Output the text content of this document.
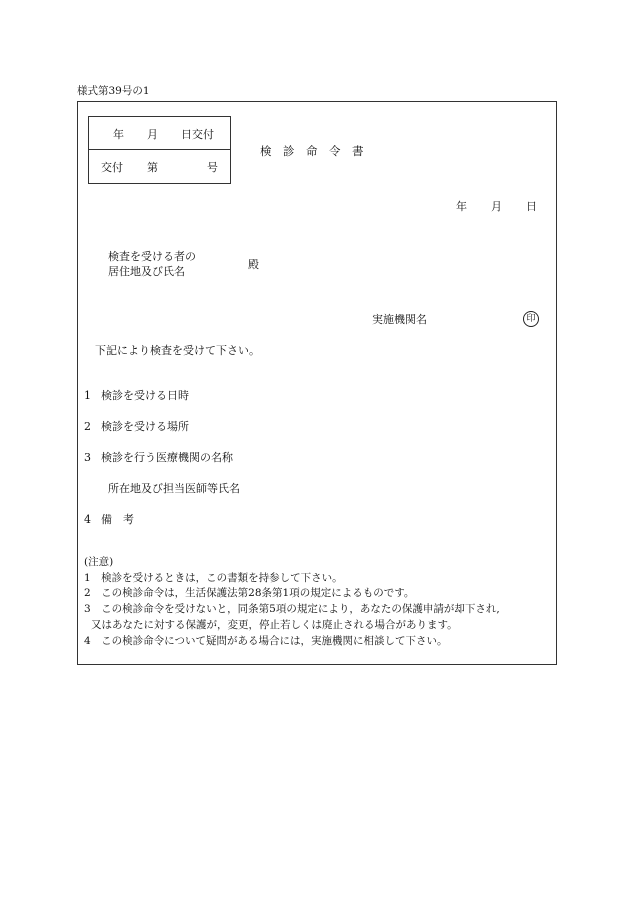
様式第39号の1
年 月 日交付
交付 第	号
検　診　命　令　書
年 月 日
検査を受ける者の
居住地及び氏名
殿
実施機関名	印
下記により検査を受けて下さい。
1 検診を受ける日時
2 検診を受ける場所
3 検診を行う医療機関の名称
所在地及び担当医師等氏名
4 備　考
(注意)
1　検診を受けるときは，この書類を持参して下さい。
2　この検診命令は，生活保護法第28条第1項の規定によるものです。
3　この検診命令を受けないと，同条第5項の規定により，あなたの保護申請が却下され,
又はあなたに対する保護が，変更，停止若しくは廃止される場合があります。
4　この検診命令について疑問がある場合には，実施機関に相談して下さい。
